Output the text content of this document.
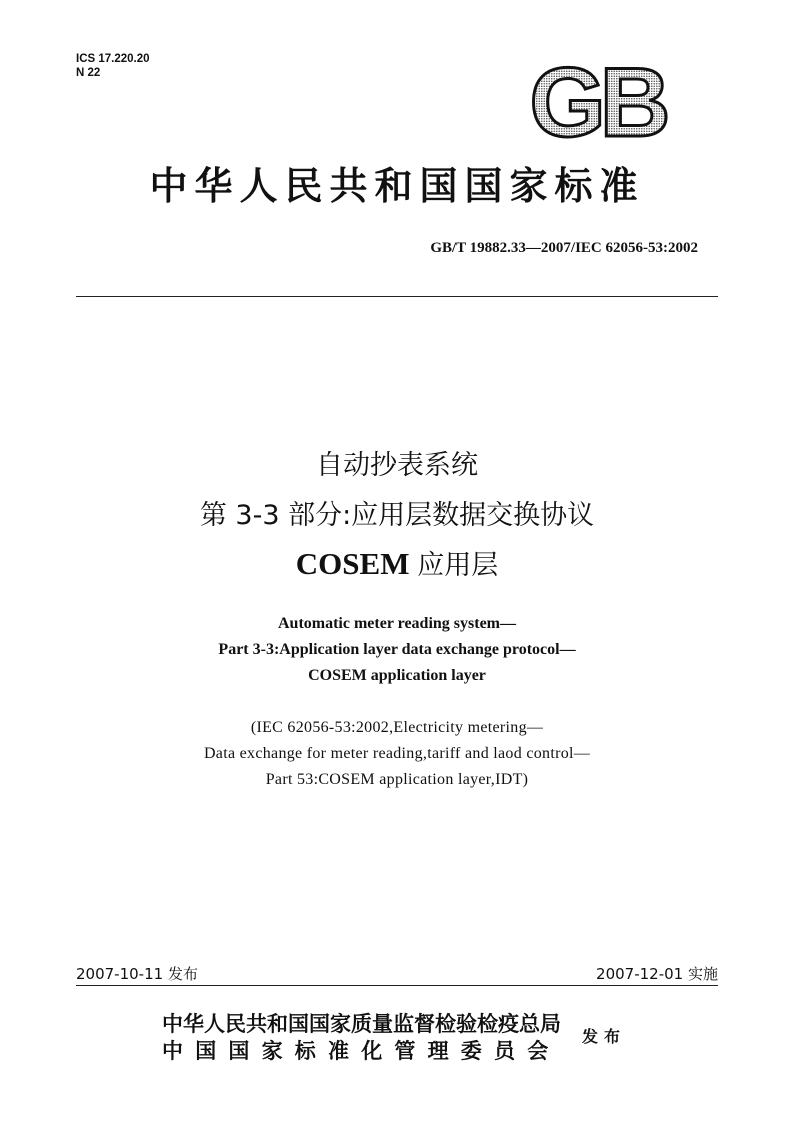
ICS 17.220.20
N 22	GB
中华人民共和国国家标准
GB/T 19882.33—2007/IEC 62056-53:2002
自动抄表系统
第 3-3 部分:应用层数据交换协议
COSEM 应用层
Automatic meter reading system—
Part 3-3:Application layer data exchange protocol—
COSEM application layer
(IEC 62056-53:2002,Electricity metering—
Data exchange for meter reading,tariff and laod control—
Part 53:COSEM application layer,IDT)
2007-10-11 发布	2007-12-01 实施
中华人民共和国国家质量监督检验检疫总局
中国国家标准化管理委员会
发布
